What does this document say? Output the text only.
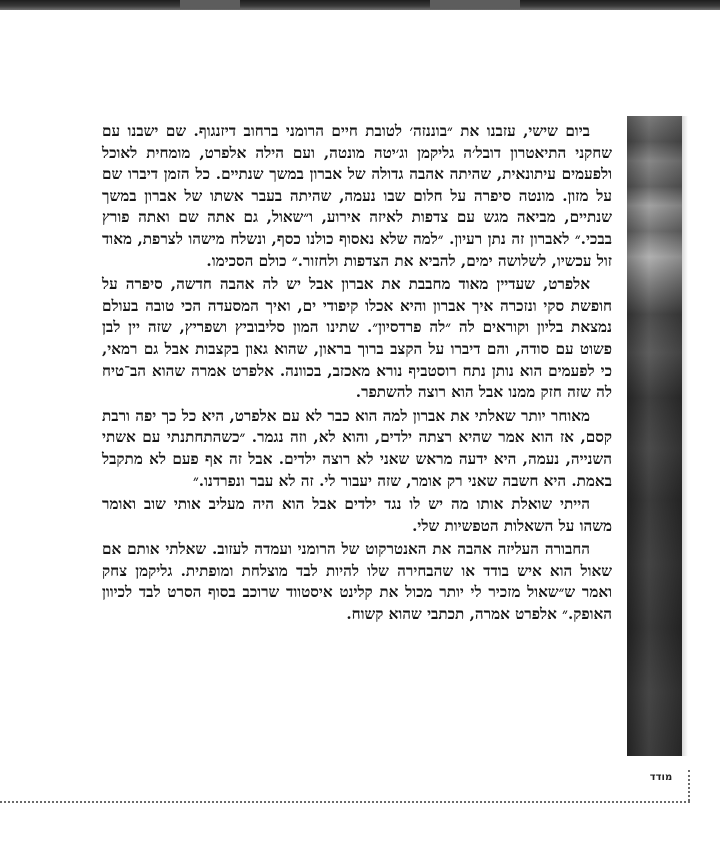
ביום שישי, עזבנו את ״בוננזה׳ לטובת חיים הרומני ברחוב דיזנגוף. שם ישבנו עם שחקני התיאטרון דובל׳ה גליקמן וג׳יטה מונטה, ועם הילה אלפרט, מומחית לאוכל ולפעמים עיתונאית, שהיתה אהבה גדולה של אברון במשך שנתיים. כל הזמן דיברו שם על מזון. מונטה סיפרה על חלום שבו נעמה, שהיתה בעבר אשתו של אברון במשך שנתיים, מביאה מגש עם צדפות לאיזה אירוע, ו״שאול, גם אתה שם ואתה פורץ בבכי.״ לאברון זה נתן רעיון. ״למה שלא נאסוף כולנו כסף, ונשלח מישהו לצרפת, מאוד זול עכשיו, לשלושה ימים, להביא את הצדפות ולחזור.״ כולם הסכימו.

אלפרט, שעדיין מאוד מחבבת את אברון אבל יש לה אהבה חדשה, סיפרה על חופשת סקי ונזכרה איך אברון והיא אכלו קיפודי ים, ואיך המסעדה הכי טובה בעולם נמצאת בליון וקוראים לה ״לה פרדסיון״. שתינו המון סליבוביץ ושפריץ, שזה יין לבן פשוט עם סודה, והם דיברו על הקצב ברוך בראון, שהוא גאון בקצבות אבל גם רמאי, כי לפעמים הוא נותן נתח רוסטביף נורא מאכזב, בכוונה. אלפרט אמרה שהוא הב־טיח לה שזה חזק ממנו אבל הוא רוצה להשתפר.

מאוחר יותר שאלתי את אברון למה הוא כבר לא עם אלפרט, היא כל כך יפה ורבת קסם, אז הוא אמר שהיא רצתה ילדים, והוא לא, וזה נגמר. ״כשהתחתנתי עם אשתי השנייה, נעמה, היא ידעה מראש שאני לא רוצה ילדים. אבל זה אף פעם לא מתקבל באמת. היא חשבה שאני רק אומר, שזה יעבור לי. זה לא עבר ונפרדנו.״

הייתי שואלת אותו מה יש לו נגד ילדים אבל הוא היה מעליב אותי שוב ואומר משהו על השאלות הטפשיות שלי.

החבורה העליזה אהבה את האנטרקוט של הרומני ועמדה לעזוב. שאלתי אותם אם שאול הוא איש בודד או שהבחירה שלו להיות לבד מוצלחת ומופתית. גליקמן צחק ואמר ש״שאול מזכיר לי יותר מכול את קלינט איסטווד שרוכב בסוף הסרט לבד לכיוון האופק.״ אלפרט אמרה, תכתבי שהוא קשוח.

מודד
